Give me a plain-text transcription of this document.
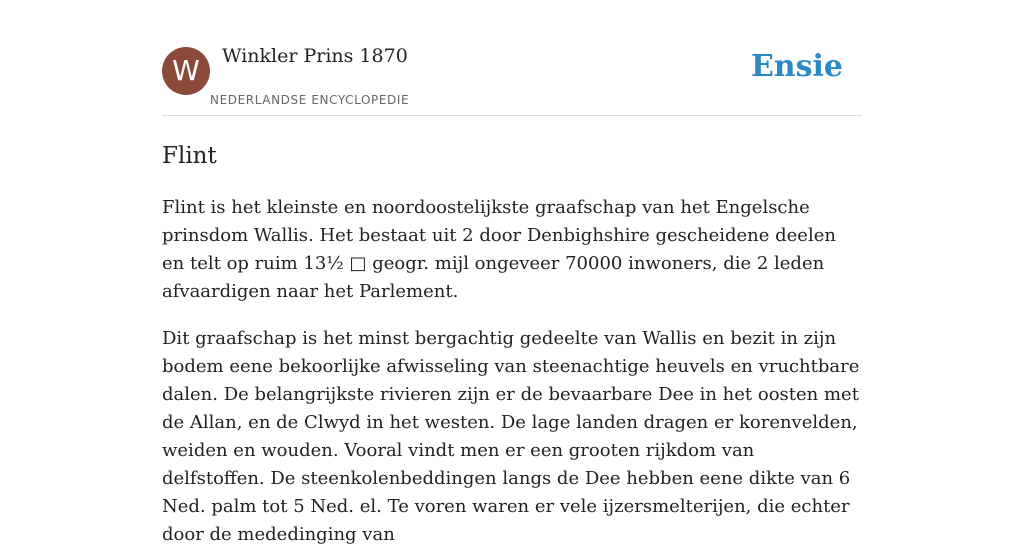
W	Winkler Prins 1870
NEDERLANDSE ENCYCLOPEDIE
Ensie
Flint

Flint is het kleinste en noordoostelijkste graafschap van het Engelsche prinsdom Wallis. Het bestaat uit 2 door Denbighshire gescheidene deelen en telt op ruim 13½ □ geogr. mijl ongeveer 70000 inwoners, die 2 leden afvaardigen naar het Parlement.

Dit graafschap is het minst bergachtig gedeelte van Wallis en bezit in zijn bodem eene bekoorlijke afwisseling van steenachtige heuvels en vruchtbare dalen. De belangrijkste rivieren zijn er de bevaarbare Dee in het oosten met de Allan, en de Clwyd in het westen. De lage landen dragen er korenvelden, weiden en wouden. Vooral vindt men er een grooten rijkdom van delfstoffen. De steenkolenbeddingen langs de Dee hebben eene dikte van 6 Ned. palm tot 5 Ned. el. Te voren waren er vele ijzersmelterijen, die echter door de mededinging van
